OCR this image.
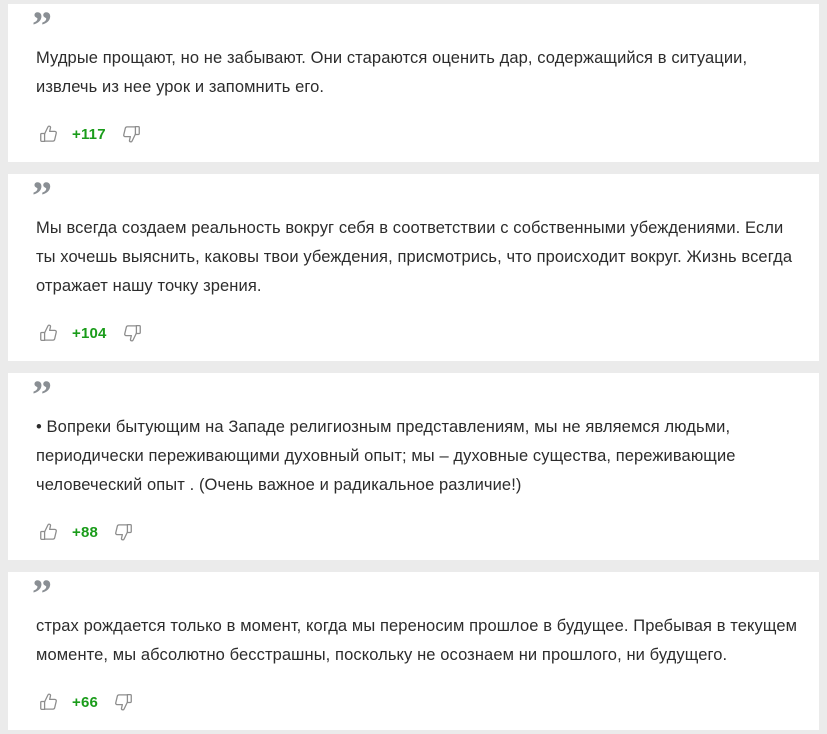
”
Мудрые прощают, но не забывают. Они стараются оценить дар, содержащийся в ситуации, извлечь из нее урок и запомнить его.
+117
”
Мы всегда создаем реальность вокруг себя в соответствии с собственными убеждениями. Если ты хочешь выяснить, каковы твои убеждения, присмотрись, что происходит вокруг. Жизнь всегда отражает нашу точку зрения.
+104
”
• Вопреки бытующим на Западе религиозным представлениям, мы не являемся людьми, периодически переживающими духовный опыт; мы – духовные существа, переживающие человеческий опыт . (Очень важное и радикальное различие!)
+88
”
страх рождается только в момент, когда мы переносим прошлое в будущее. Пребывая в текущем моменте, мы абсолютно бесстрашны, поскольку не осознаем ни прошлого, ни будущего.
+66
